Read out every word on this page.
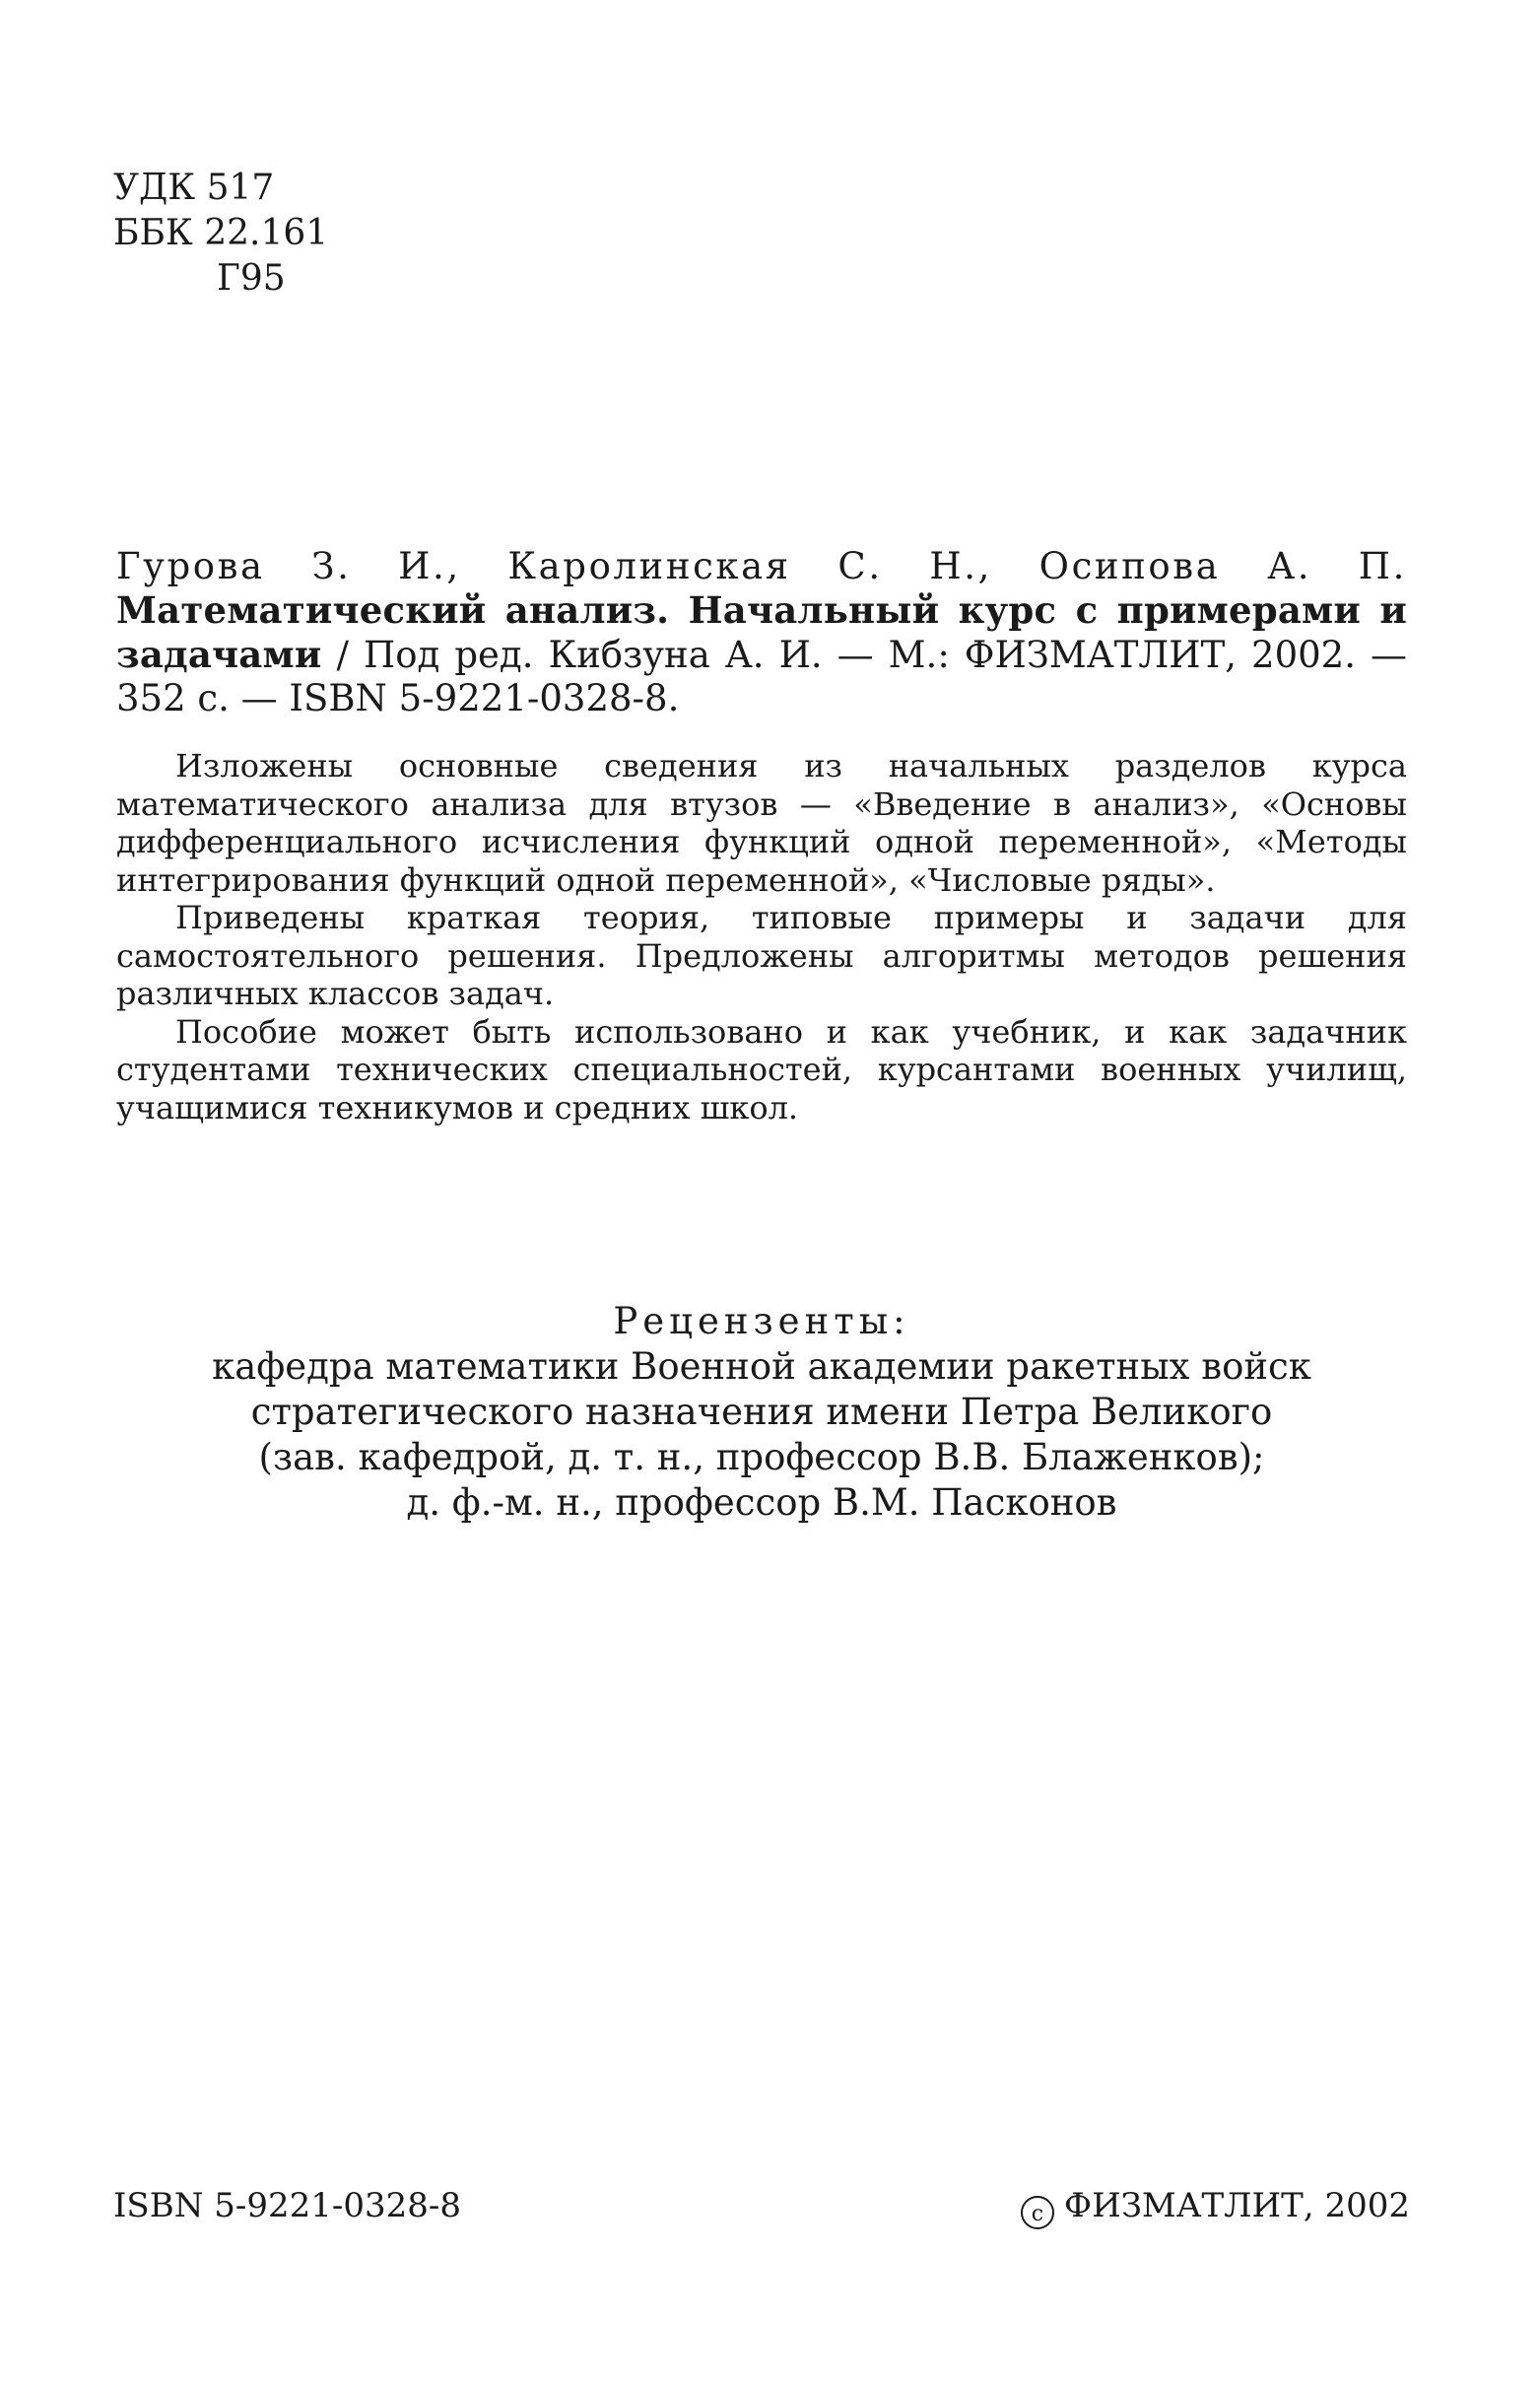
УДК 517
ББК 22.161
Г95
Гурова З. И., Каролинская С. Н., Осипова А. П. Математический анализ. Начальный курс с примерами и задачами / Под ред. Кибзуна А. И. — М.: ФИЗМАТЛИТ, 2002. — 352 с. — ISBN 5-9221-0328-8.

Изложены основные сведения из начальных разделов курса математического анализа для втузов — «Введение в анализ», «Основы дифференциального исчисления функций одной переменной», «Методы интегрирования функций одной переменной», «Числовые ряды».

Приведены краткая теория, типовые примеры и задачи для самостоятельного решения. Предложены алгоритмы методов решения различных классов задач.

Пособие может быть использовано и как учебник, и как задачник студентами технических специальностей, курсантами военных училищ, учащимися техникумов и средних школ.

Рецензенты:
кафедра математики Военной академии ракетных войск
стратегического назначения имени Петра Великого
(зав. кафедрой, д. т. н., профессор В.В. Блаженков);
д. ф.-м. н., профессор В.М. Пасконов
ISBN 5-9221-0328-8	c ФИЗМАТЛИТ, 2002
